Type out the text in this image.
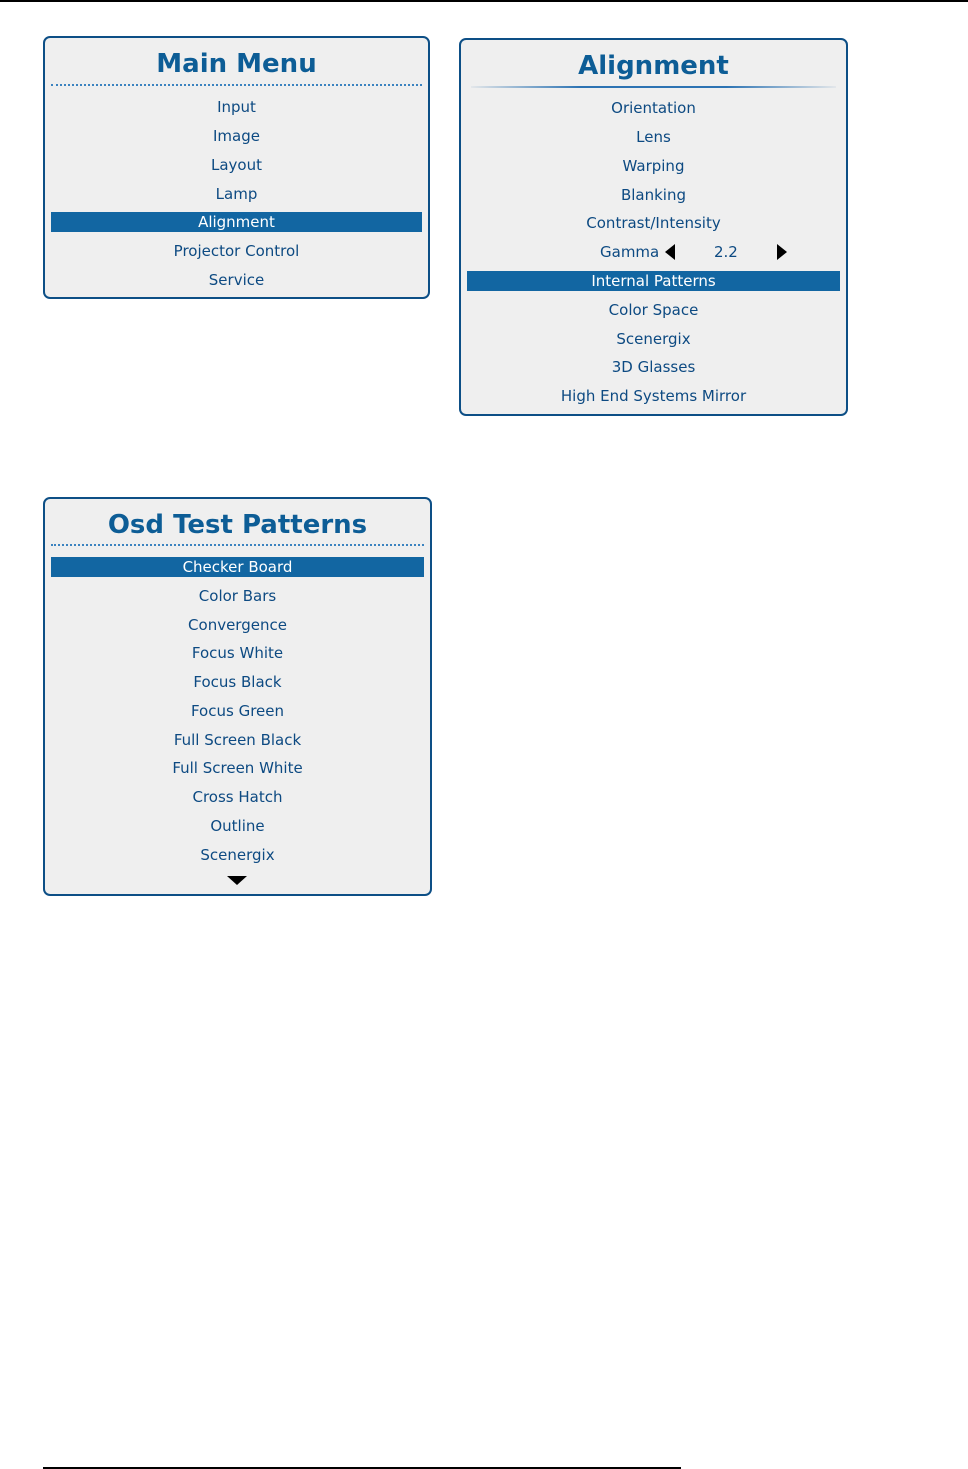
Main Menu
Input
Image
Layout
Lamp
Alignment
Projector Control
Service
Alignment
Orientation
Lens
Warping
Blanking
Contrast/Intensity
Gamma	2.2
Internal Patterns
Color Space
Scenergix
3D Glasses
High End Systems Mirror
Osd Test Patterns
Checker Board
Color Bars
Convergence
Focus White
Focus Black
Focus Green
Full Screen Black
Full Screen White
Cross Hatch
Outline
Scenergix
